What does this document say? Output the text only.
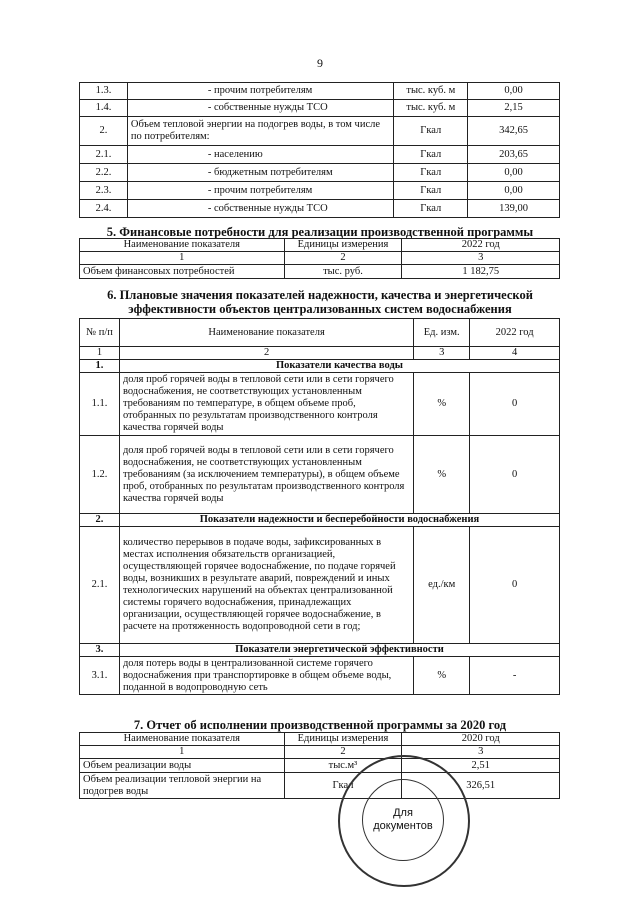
9
1.3.	- прочим потребителям	тыс. куб. м	0,00
1.4.	- собственные нужды ТСО	тыс. куб. м	2,15
2.	Объем тепловой энергии на подогрев воды, в том числе по потребителям:	Гкал	342,65
2.1.	- населению	Гкал	203,65
2.2.	- бюджетным потребителям	Гкал	0,00
2.3.	- прочим потребителям	Гкал	0,00
2.4.	- собственные нужды ТСО	Гкал	139,00
5. Финансовые потребности для реализации производственной программы
Наименование показателя	Единицы измерения	2022 год
1	2	3
Объем финансовых потребностей	тыс. руб.	1 182,75
6. Плановые значения показателей надежности, качества и энергетической
эффективности объектов централизованных систем водоснабжения
№ п/п	Наименование показателя	Ед. изм.	2022 год
1	2	3	4
1.	Показатели качества воды		
1.1.	доля проб горячей воды в тепловой сети или в сети горячего водоснабжения, не соответствующих установленным требованиям по температуре, в общем объеме проб, отобранных по результатам производственного контроля качества горячей воды	%	0
1.2.	доля проб горячей воды в тепловой сети или в сети горячего водоснабжения, не соответствующих установленным требованиям (за исключением температуры), в общем объеме проб, отобранных по результатам производственного контроля качества горячей воды	%	0
2.	Показатели надежности и бесперебойности водоснабжения		
2.1.	количество перерывов в подаче воды, зафиксированных в местах исполнения обязательств организацией, осуществляющей горячее водоснабжение, по подаче горячей воды, возникших в результате аварий, повреждений и иных технологических нарушений на объектах централизованной системы горячего водоснабжения, принадлежащих организации, осуществляющей горячее водоснабжение, в расчете на протяженность водопроводной сети в год;	ед./км	0
3.	Показатели энергетической эффективности		
3.1.	доля потерь воды в централизованной системе горячего водоснабжения при транспортировке в общем объеме воды, поданной в водопроводную сеть	%	-
7. Отчет об исполнении производственной программы за 2020 год
Наименование показателя	Единицы измерения	2020 год
1	2	3
Объем реализации воды	тыс.м³	2,51
Объем реализации тепловой энергии на подогрев воды	Гкал	326,51
Для документов
